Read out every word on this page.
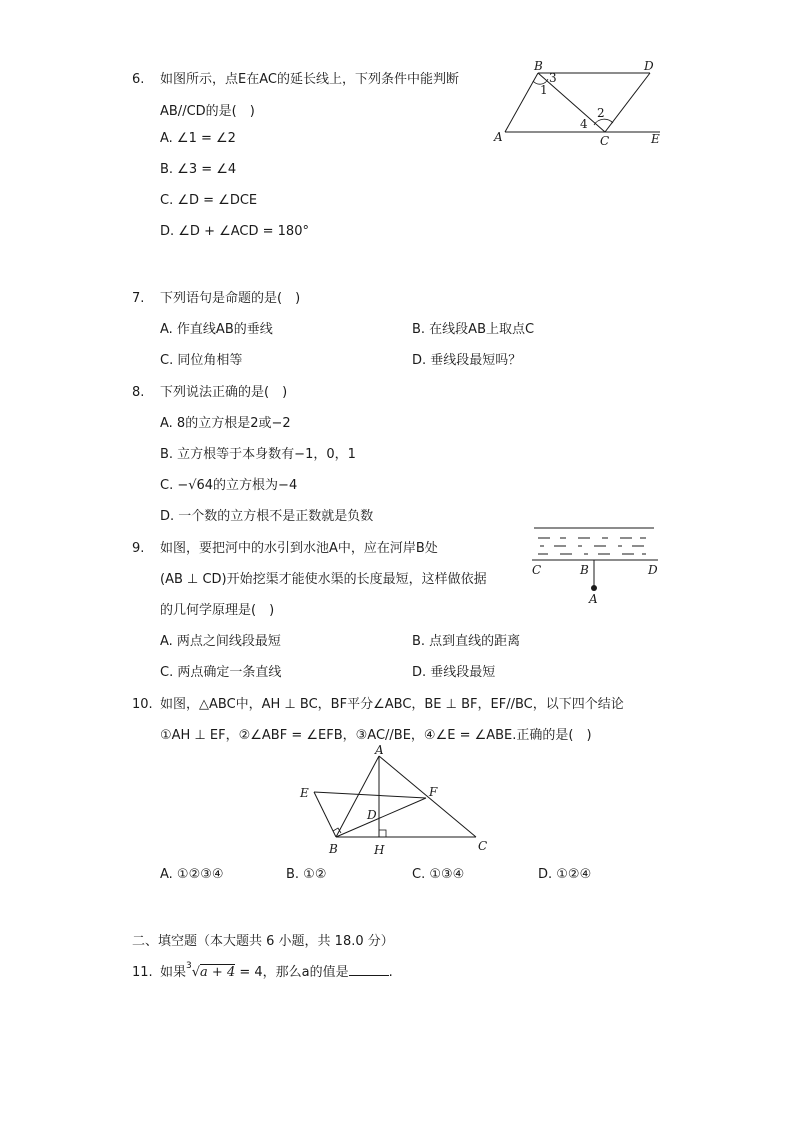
6. 如图所示，点E在AC的延长线上，下列条件中能判断
AB//CD的是(　)
A. ∠1 = ∠2
B. ∠3 = ∠4
C. ∠D = ∠DCE
D. ∠D + ∠ACD = 180°
B	D
A	C	E
1
2
3
4
7. 下列语句是命题的是(　)
A. 作直线AB的垂线	B. 在线段AB上取点C
C. 同位角相等	D. 垂线段最短吗？
8. 下列说法正确的是(　)
A. 8的立方根是2或−2
B. 立方根等于本身数有−1，0，1
C. −√64的立方根为−4
D. 一个数的立方根不是正数就是负数
9. 如图，要把河中的水引到水池A中，应在河岸B处
(AB ⊥ CD)开始挖渠才能使水渠的长度最短，这样做依据
的几何学原理是(　)
A. 两点之间线段最短	B. 点到直线的距离
C. 两点确定一条直线	D. 垂线段最短
C	B	D
A
10. 如图，△ABC中，AH ⊥ BC，BF平分∠ABC，BE ⊥ BF，EF//BC，以下四个结论
①AH ⊥ EF，②∠ABF = ∠EFB，③AC//BE，④∠E = ∠ABE.正确的是(　)
A
E	F
D
B	H	C
A. ①②③④	B. ①②	C. ①③④	D. ①②④
二、填空题（本大题共 6 小题，共 18.0 分）
11. 如果$^3$√a + 4 = 4，那么a的值是	.
